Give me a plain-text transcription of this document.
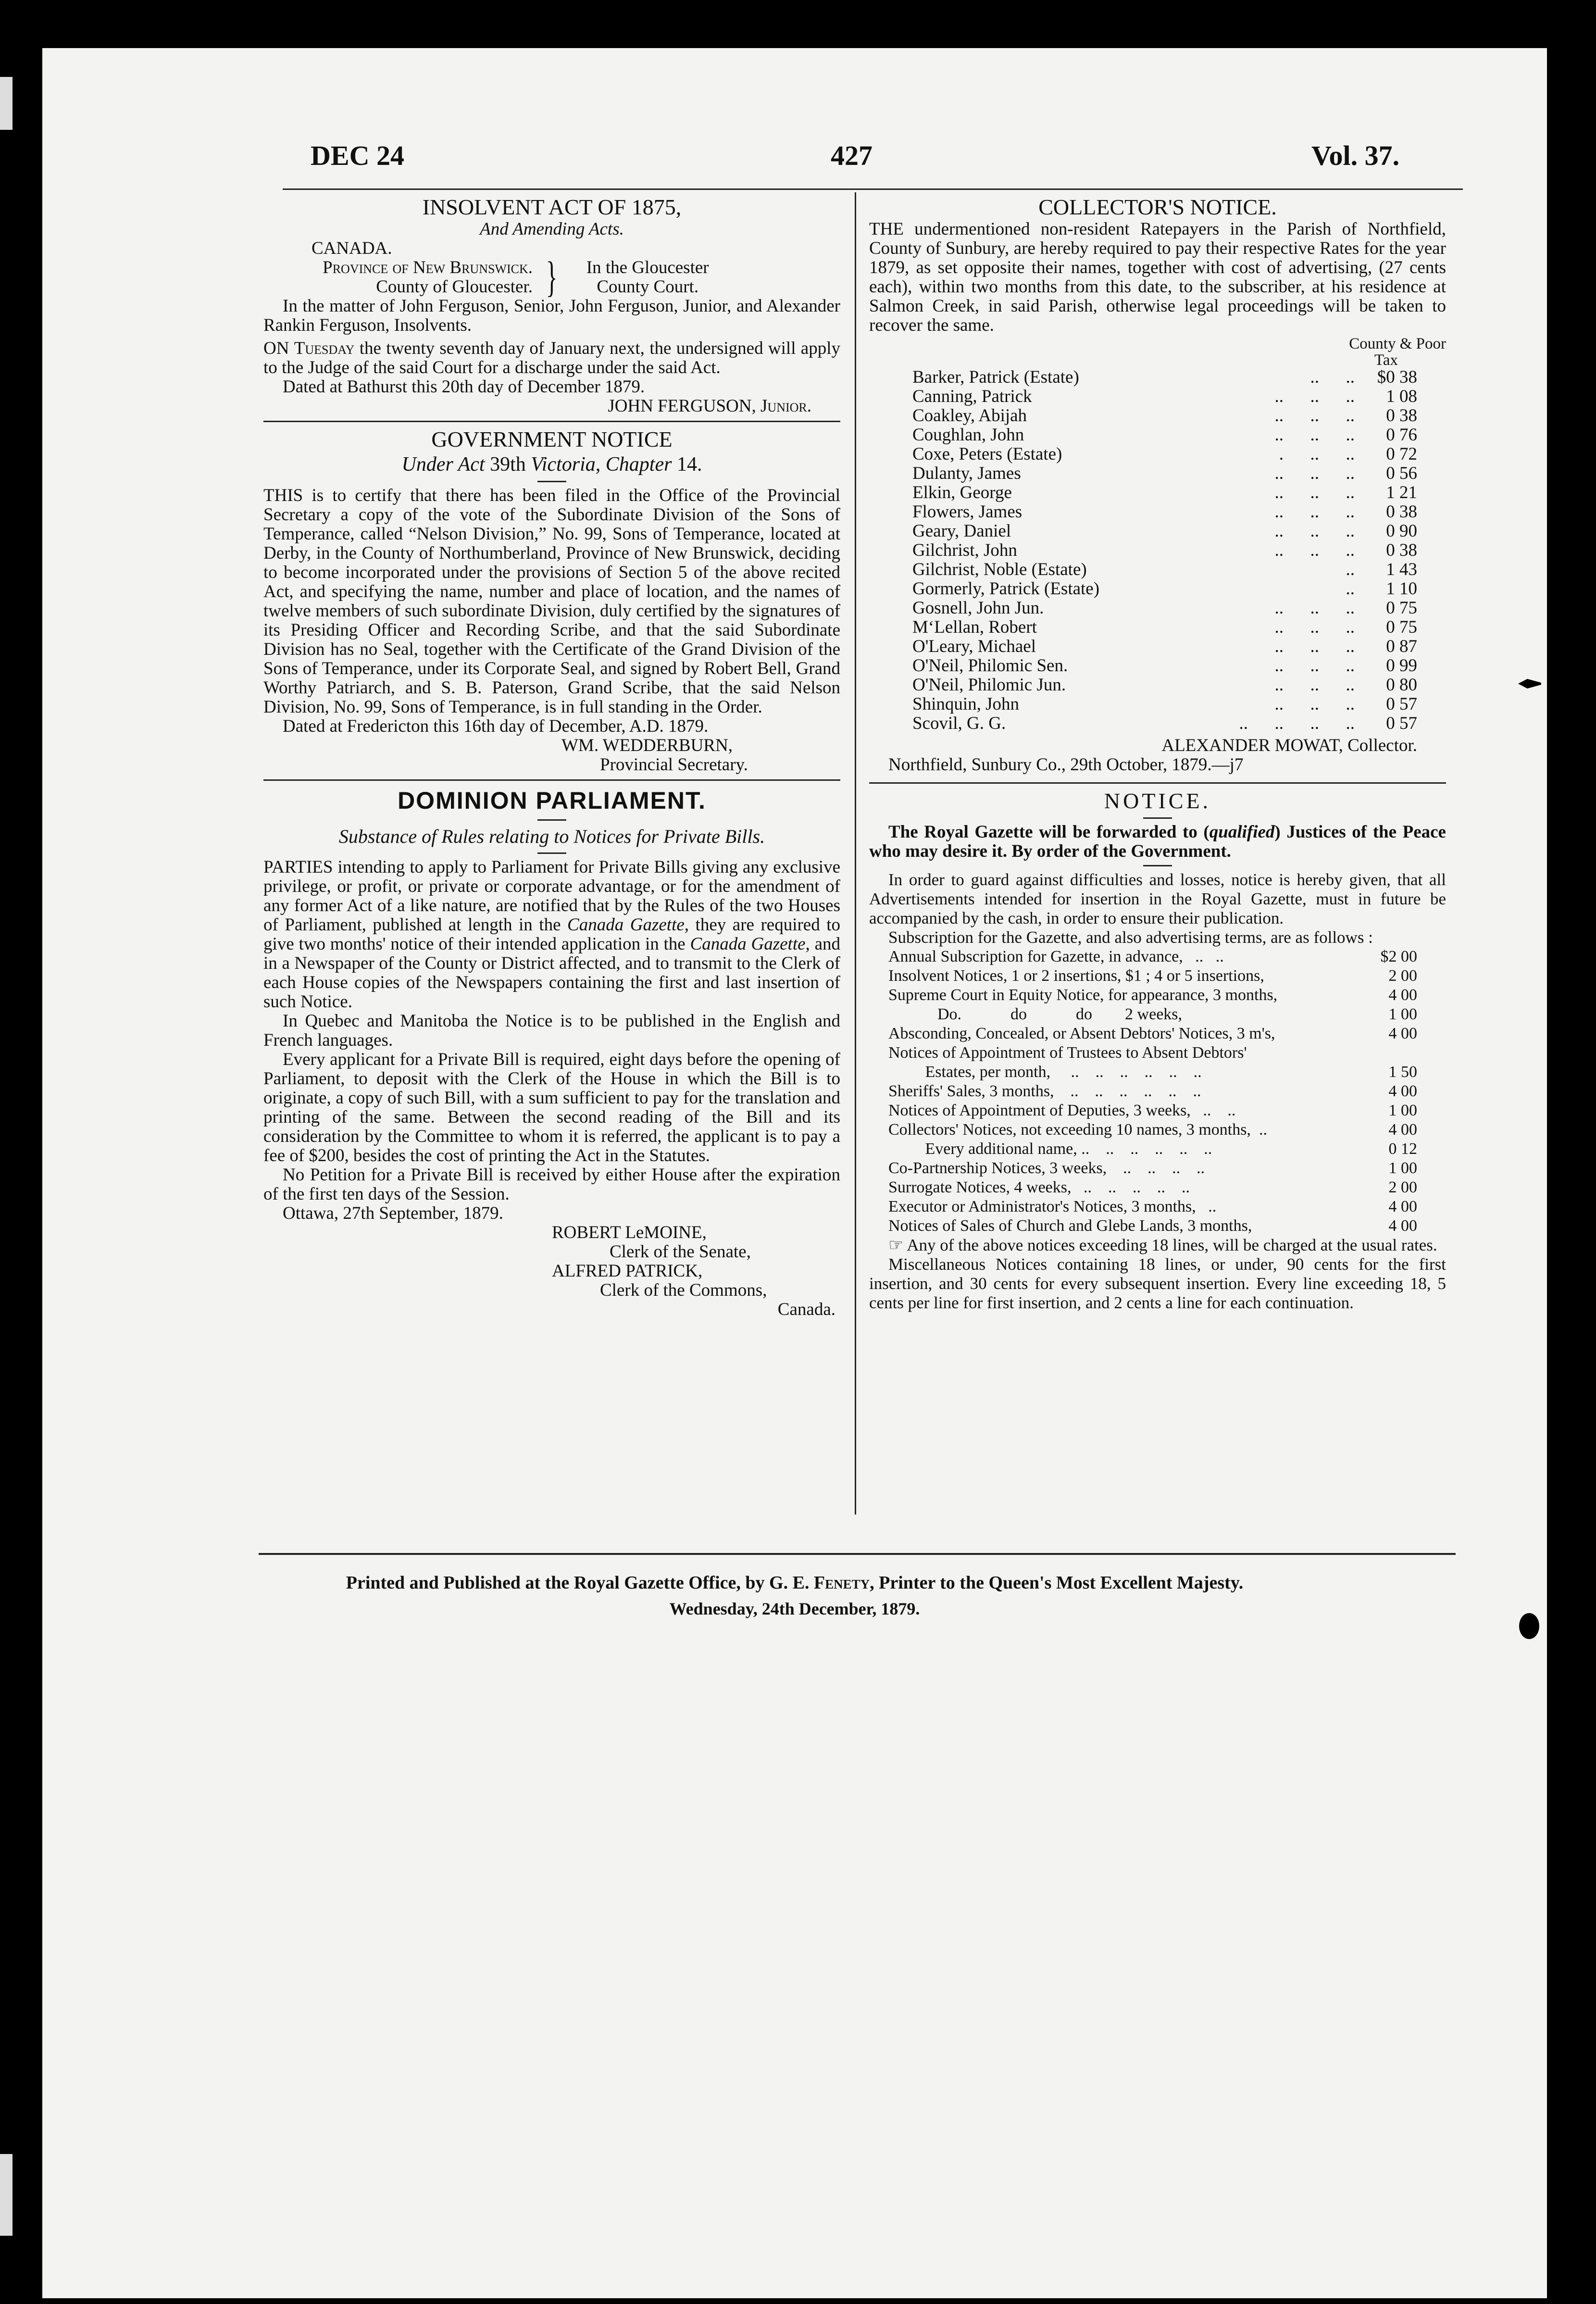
DEC 24	427	Vol. 37.
INSOLVENT ACT OF 1875,
And Amending Acts.
CANADA.
Province of New Brunswick.
County of Gloucester. }	In the Gloucester
County Court.

In the matter of John Ferguson, Senior, John Ferguson, Junior, and Alexander Rankin Ferguson, Insolvents.

ON Tuesday the twenty seventh day of January next, the undersigned will apply to the Judge of the said Court for a discharge under the said Act.

Dated at Bathurst this 20th day of December 1879.

JOHN FERGUSON, Junior.
GOVERNMENT NOTICE
Under Act 39th Victoria, Chapter 14.

THIS is to certify that there has been filed in the Office of the Provincial Secretary a copy of the vote of the Subordinate Division of the Sons of Temperance, called “Nelson Division,” No. 99, Sons of Temperance, located at Derby, in the County of Northumberland, Province of New Brunswick, deciding to become incorporated under the provisions of Section 5 of the above recited Act, and specifying the name, number and place of location, and the names of twelve members of such subordinate Division, duly certified by the signatures of its Presiding Officer and Recording Scribe, and that the said Subordinate Division has no Seal, together with the Certificate of the Grand Division of the Sons of Temperance, under its Corporate Seal, and signed by Robert Bell, Grand Worthy Patriarch, and S. B. Paterson, Grand Scribe, that the said Nelson Division, No. 99, Sons of Temperance, is in full standing in the Order.

Dated at Fredericton this 16th day of December, A.D. 1879.

WM. WEDDERBURN,
Provincial Secretary.
DOMINION PARLIAMENT.
Substance of Rules relating to Notices for Private Bills.

PARTIES intending to apply to Parliament for Private Bills giving any exclusive privilege, or profit, or private or corporate advantage, or for the amendment of any former Act of a like nature, are notified that by the Rules of the two Houses of Parliament, published at length in the Canada Gazette, they are required to give two months' notice of their intended application in the Canada Gazette, and in a Newspaper of the County or District affected, and to transmit to the Clerk of each House copies of the Newspapers containing the first and last insertion of such Notice.

In Quebec and Manitoba the Notice is to be published in the English and French languages.

Every applicant for a Private Bill is required, eight days before the opening of Parliament, to deposit with the Clerk of the House in which the Bill is to originate, a copy of such Bill, with a sum sufficient to pay for the translation and printing of the same. Between the second reading of the Bill and its consideration by the Committee to whom it is referred, the applicant is to pay a fee of $200, besides the cost of printing the Act in the Statutes.

No Petition for a Private Bill is received by either House after the expiration of the first ten days of the Session.

Ottawa, 27th September, 1879.

ROBERT LeMOINE,
Clerk of the Senate,
ALFRED PATRICK,
Clerk of the Commons,
Canada.
COLLECTOR'S NOTICE.

THE undermentioned non-resident Ratepayers in the Parish of Northfield, County of Sunbury, are hereby required to pay their respective Rates for the year 1879, as set opposite their names, together with cost of advertising, (27 cents each), within two months from this date, to the subscriber, at his residence at Salmon Creek, in said Parish, otherwise legal proceedings will be taken to recover the same.

County & Poor
Tax
Barker, Patrick (Estate)	..      ..	$0 38
Canning, Patrick	..      ..      ..	1 08
Coakley, Abijah	..      ..      ..	0 38
Coughlan, John	..      ..      ..	0 76
Coxe, Peters (Estate)	.      ..      ..	0 72
Dulanty, James	..      ..      ..	0 56
Elkin, George	..      ..      ..	1 21
Flowers, James	..      ..      ..	0 38
Geary, Daniel	..      ..      ..	0 90
Gilchrist, John	..      ..      ..	0 38
Gilchrist, Noble (Estate)	..	1 43
Gormerly, Patrick (Estate)	..	1 10
Gosnell, John Jun.	..      ..      ..	0 75
M‘Lellan, Robert	..      ..      ..	0 75
O'Leary, Michael	..      ..      ..	0 87
O'Neil, Philomic Sen.	..      ..      ..	0 99
O'Neil, Philomic Jun.	..      ..      ..	0 80
Shinquin, John	..      ..      ..	0 57
Scovil, G. G.	..      ..      ..      ..	0 57
ALEXANDER MOWAT, Collector.
Northfield, Sunbury Co., 29th October, 1879.—j7
NOTICE.

The Royal Gazette will be forwarded to (qualified) Justices of the Peace who may desire it. By order of the Government.

In order to guard against difficulties and losses, notice is hereby given, that all Advertisements intended for insertion in the Royal Gazette, must in future be accompanied by the cash, in order to ensure their publication.

Subscription for the Gazette, and also advertising terms, are as follows :

Annual Subscription for Gazette, in advance,   ..   ..	$2 00
Insolvent Notices, 1 or 2 insertions, $1 ; 4 or 5 insertions,	2 00
Supreme Court in Equity Notice, for appearance, 3 months,	4 00
Do.            do            do        2 weeks,	1 00
Absconding, Concealed, or Absent Debtors' Notices, 3 m's,	4 00
Notices of Appointment of Trustees to Absent Debtors'
Estates, per month,     ..    ..    ..    ..    ..    ..	1 50
Sheriffs' Sales, 3 months,    ..    ..    ..    ..    ..    ..	4 00
Notices of Appointment of Deputies, 3 weeks,   ..    ..	1 00
Collectors' Notices, not exceeding 10 names, 3 months,  ..	4 00
Every additional name, ..    ..    ..    ..    ..    ..	0 12
Co-Partnership Notices, 3 weeks,    ..    ..    ..    ..	1 00
Surrogate Notices, 4 weeks,   ..    ..    ..    ..    ..	2 00
Executor or Administrator's Notices, 3 months,   ..	4 00
Notices of Sales of Church and Glebe Lands, 3 months,	4 00

☞ Any of the above notices exceeding 18 lines, will be charged at the usual rates.

Miscellaneous Notices containing 18 lines, or under, 90 cents for the first insertion, and 30 cents for every subsequent insertion. Every line exceeding 18, 5 cents per line for first insertion, and 2 cents a line for each continuation.

Printed and Published at the Royal Gazette Office, by G. E. Fenety, Printer to the Queen's Most Excellent Majesty.
Wednesday, 24th December, 1879.
